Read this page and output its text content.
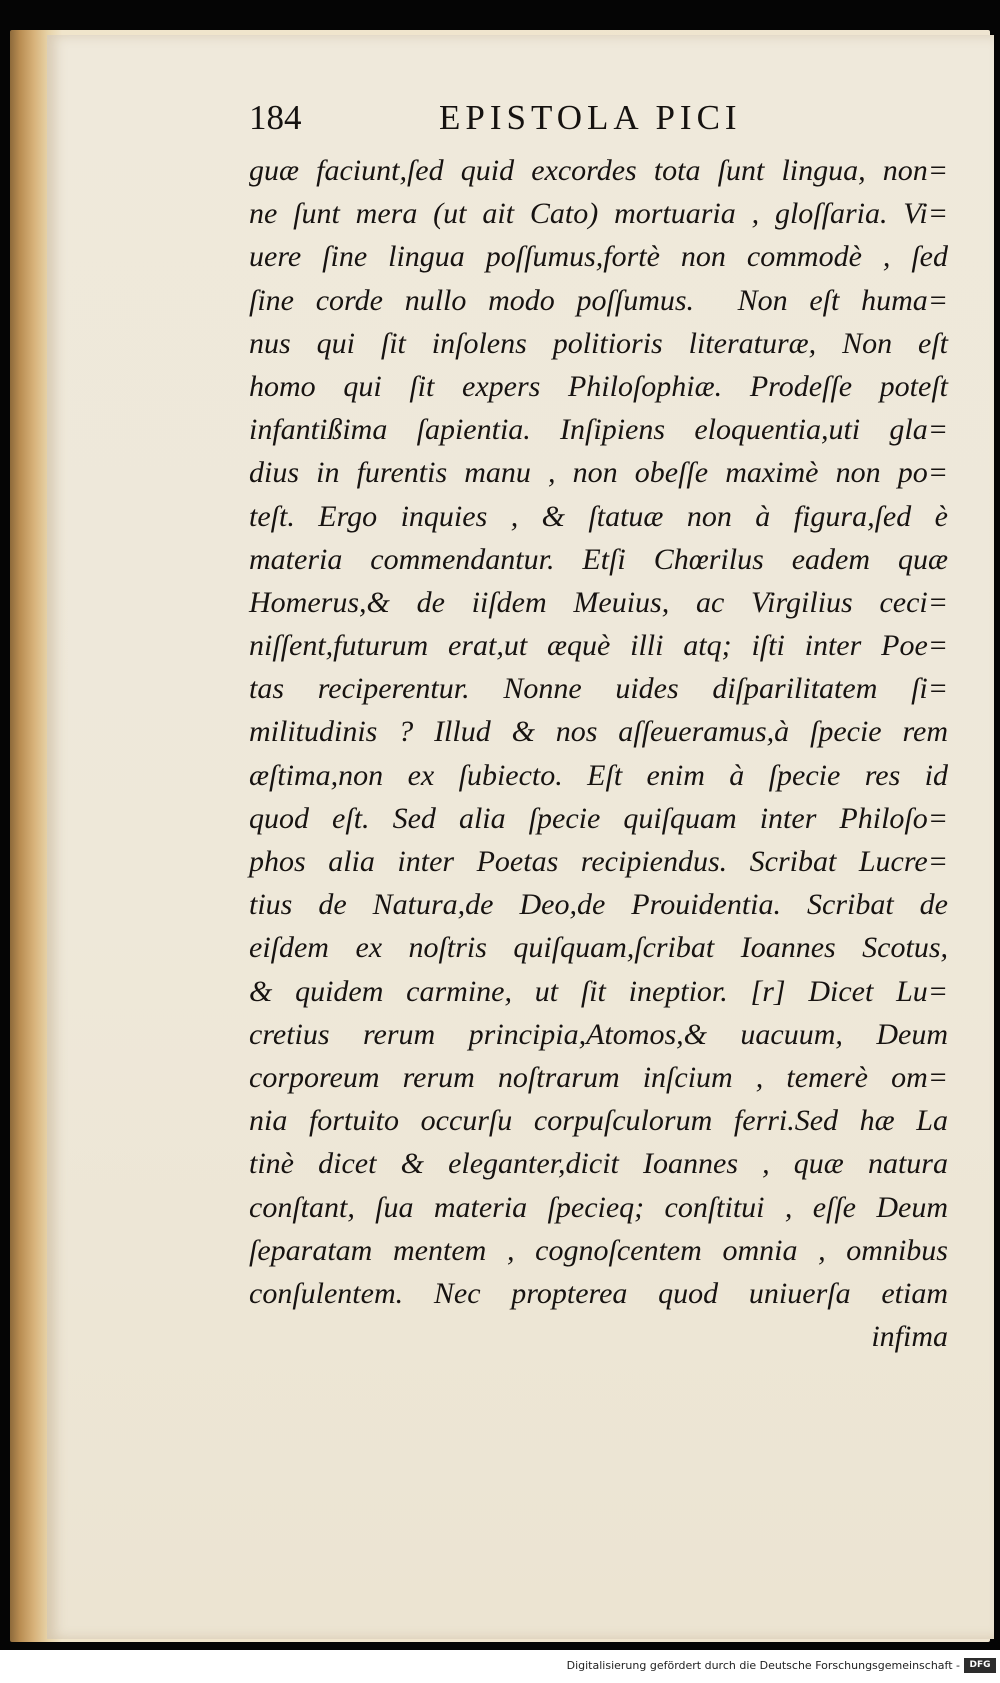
184	EPISTOLA PICI
guæ faciunt,ſed quid excordes tota ſunt lingua, non=
ne ſunt mera (ut ait Cato) mortuaria , gloſſaria. Vi=
uere ſine lingua poſſumus,fortè non commodè , ſed
ſine corde nullo modo poſſumus.  Non eſt huma=
nus qui ſit inſolens politioris literaturæ, Non eſt
homo qui ſit expers Philoſophiæ. Prodeſſe poteſt
infantißima ſapientia. Inſipiens eloquentia,uti gla=
dius in furentis manu , non obeſſe maximè non po=
teſt. Ergo inquies , & ſtatuæ non à figura,ſed è
materia commendantur. Etſi Chœrilus eadem quæ
Homerus,& de iiſdem Meuius, ac Virgilius ceci=
niſſent,futurum erat,ut æquè illi atq; iſti inter Poe=
tas reciperentur. Nonne uides diſparilitatem ſi=
militudinis ? Illud & nos aſſeueramus,à ſpecie rem
æſtima,non ex ſubiecto. Eſt enim à ſpecie res id
quod eſt. Sed alia ſpecie quiſquam inter Philoſo=
phos alia inter Poetas recipiendus. Scribat Lucre=
tius de Natura,de Deo,de Prouidentia. Scribat de
eiſdem ex noſtris quiſquam,ſcribat Ioannes Scotus,
& quidem carmine, ut ſit ineptior. [r] Dicet Lu=
cretius rerum principia,Atomos,& uacuum, Deum
corporeum rerum noſtrarum inſcium , temerè om=
nia fortuito occurſu corpuſculorum ferri.Sed hæ La
tinè dicet & eleganter,dicit Ioannes , quæ natura
conſtant, ſua materia ſpecieq; conſtitui , eſſe Deum
ſeparatam mentem , cognoſcentem omnia , omnibus
conſulentem. Nec propterea quod uniuerſa etiam
infima
Digitalisierung gefördert durch die Deutsche Forschungsgemeinschaft -	DFG
